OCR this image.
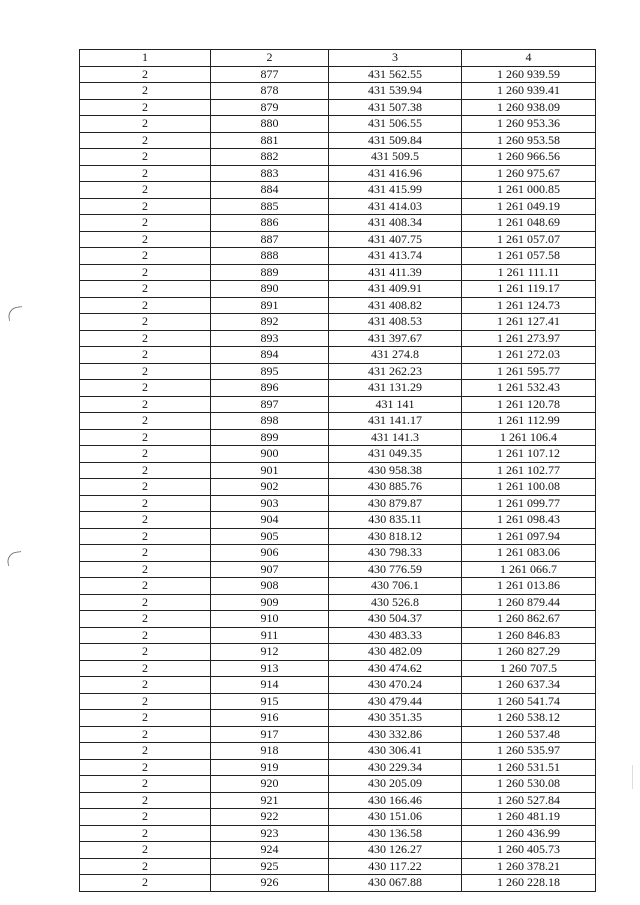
1	2	3	4
2	877	431 562.55	1 260 939.59
2	878	431 539.94	1 260 939.41
2	879	431 507.38	1 260 938.09
2	880	431 506.55	1 260 953.36
2	881	431 509.84	1 260 953.58
2	882	431 509.5	1 260 966.56
2	883	431 416.96	1 260 975.67
2	884	431 415.99	1 261 000.85
2	885	431 414.03	1 261 049.19
2	886	431 408.34	1 261 048.69
2	887	431 407.75	1 261 057.07
2	888	431 413.74	1 261 057.58
2	889	431 411.39	1 261 111.11
2	890	431 409.91	1 261 119.17
2	891	431 408.82	1 261 124.73
2	892	431 408.53	1 261 127.41
2	893	431 397.67	1 261 273.97
2	894	431 274.8	1 261 272.03
2	895	431 262.23	1 261 595.77
2	896	431 131.29	1 261 532.43
2	897	431 141	1 261 120.78
2	898	431 141.17	1 261 112.99
2	899	431 141.3	1 261 106.4
2	900	431 049.35	1 261 107.12
2	901	430 958.38	1 261 102.77
2	902	430 885.76	1 261 100.08
2	903	430 879.87	1 261 099.77
2	904	430 835.11	1 261 098.43
2	905	430 818.12	1 261 097.94
2	906	430 798.33	1 261 083.06
2	907	430 776.59	1 261 066.7
2	908	430 706.1	1 261 013.86
2	909	430 526.8	1 260 879.44
2	910	430 504.37	1 260 862.67
2	911	430 483.33	1 260 846.83
2	912	430 482.09	1 260 827.29
2	913	430 474.62	1 260 707.5
2	914	430 470.24	1 260 637.34
2	915	430 479.44	1 260 541.74
2	916	430 351.35	1 260 538.12
2	917	430 332.86	1 260 537.48
2	918	430 306.41	1 260 535.97
2	919	430 229.34	1 260 531.51
2	920	430 205.09	1 260 530.08
2	921	430 166.46	1 260 527.84
2	922	430 151.06	1 260 481.19
2	923	430 136.58	1 260 436.99
2	924	430 126.27	1 260 405.73
2	925	430 117.22	1 260 378.21
2	926	430 067.88	1 260 228.18
